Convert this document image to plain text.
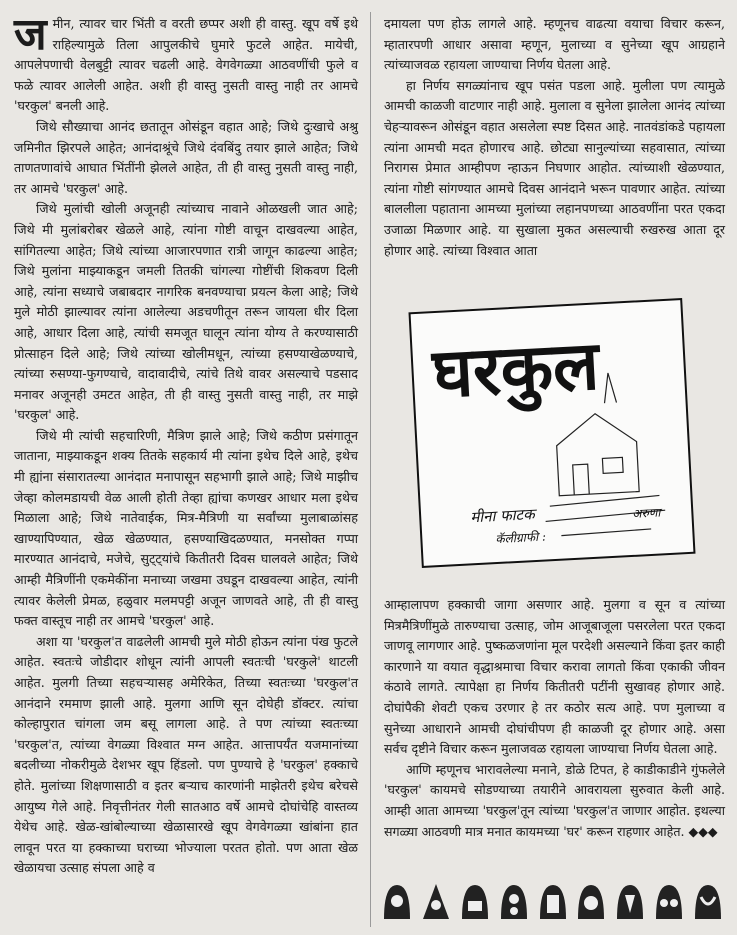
जमीन, त्यावर चार भिंती व वरती छप्पर अशी ही वास्तु. खूप वर्षे इथे राहिल्यामुळे तिला आपुलकीचे घुमारे फुटले आहेत. मायेची, आपलेपणाची वेलबुट्टी त्यावर चढली आहे. वेगवेगळ्या आठवणींची फुले व फळे त्यावर आलेली आहेत. अशी ही वास्तु नुसती वास्तु नाही तर आमचे 'घरकुल' बनली आहे.

जिथे सौख्याचा आनंद छतातून ओसंडून वहात आहे; जिथे दुःखाचे अश्रु जमिनीत झिरपले आहेत; आनंदाश्रूंचे जिथे दंवबिंदु तयार झाले आहेत; जिथे ताणतणावांचे आघात भिंतींनी झेलले आहेत, ती ही वास्तु नुसती वास्तु नाही, तर आमचे 'घरकुल' आहे.

जिथे मुलांची खोली अजूनही त्यांच्याच नावाने ओळखली जात आहे; जिथे मी मुलांबरोबर खेळले आहे, त्यांना गोष्टी वाचून दाखवल्या आहेत, सांगितल्या आहेत; जिथे त्यांच्या आजारपणात रात्री जागून काढल्या आहेत; जिथे मुलांना माझ्याकडून जमली तितकी चांगल्या गोष्टींची शिकवण दिली आहे, त्यांना सध्याचे जबाबदार नागरिक बनवण्याचा प्रयत्न केला आहे; जिथे मुले मोठी झाल्यावर त्यांना आलेल्या अडचणीतून तरून जायला धीर दिला आहे, आधार दिला आहे, त्यांची समजूत घालून त्यांना योग्य ते करण्यासाठी प्रोत्साहन दिले आहे; जिथे त्यांच्या खोलीमधून, त्यांच्या हसण्याखेळण्याचे, त्यांच्या रुसण्या-फुगण्याचे, वादावादीचे, त्यांचे तिथे वावर असल्याचे पडसाद मनावर अजूनही उमटत आहेत, ती ही वास्तु नुसती वास्तु नाही, तर माझे 'घरकुल' आहे.

जिथे मी त्यांची सहचारिणी, मैत्रिण झाले आहे; जिथे कठीण प्रसंगातून जाताना, माझ्याकडून शक्य तितके सहकार्य मी त्यांना इथेच दिले आहे, इथेच मी ह्यांना संसारातल्या आनंदात मनापासून सहभागी झाले आहे; जिथे माझीच जेव्हा कोलमडायची वेळ आली होती तेव्हा ह्यांचा कणखर आधार मला इथेच मिळाला आहे; जिथे नातेवाईक, मित्र-मैत्रिणी या सर्वांच्या मुलाबाळांसह खाण्यापिण्यात, खेळ खेळण्यात, हसण्याखिदळण्यात, मनसोक्त गप्पा मारण्यात आनंदाचे, मजेचे, सुट्ट्यांचे कितीतरी दिवस घालवले आहेत; जिथे आम्ही मैत्रिणींनी एकमेकींना मनाच्या जखमा उघडून दाखवल्या आहेत, त्यांनी त्यावर केलेली प्रेमळ, हळुवार मलमपट्टी अजून जाणवते आहे, ती ही वास्तु फक्त वास्तूच नाही तर आमचे 'घरकुल' आहे.

अशा या 'घरकुल'त वाढलेली आमची मुले मोठी होऊन त्यांना पंख फुटले आहेत. स्वतःचे जोडीदार शोधून त्यांनी आपली स्वतःची 'घरकुले' थाटली आहेत. मुलगी तिच्या सहचऱ्यासह अमेरिकेत, तिच्या स्वतःच्या 'घरकुल'त आनंदाने रममाण झाली आहे. मुलगा आणि सून दोघेही डॉक्टर. त्यांचा कोल्हापुरात चांगला जम बसू लागला आहे. ते पण त्यांच्या स्वतःच्या 'घरकुल'त, त्यांच्या वेगळ्या विश्वात मग्न आहेत. आत्तापर्यंत यजमानांच्या बदलीच्या नोकरीमुळे देशभर खूप हिंडलो. पण पुण्याचे हे 'घरकुल' हक्काचे होते. मुलांच्या शिक्षणासाठी व इतर बऱ्याच कारणांनी माझेतरी इथेच बरेचसे आयुष्य गेले आहे. निवृत्तीनंतर गेली सातआठ वर्षे आमचे दोघांचेहि वास्तव्य येथेच आहे. खेळ-खांबोल्याच्या खेळासारखे खूप वेगवेगळ्या खांबांना हात लावून परत या हक्काच्या घराच्या भोज्याला परतत होतो. पण आता खेळ खेळायचा उत्साह संपला आहे व

दमायला पण होऊ लागले आहे. म्हणूनच वाढत्या वयाचा विचार करून, म्हातारपणी आधार असावा म्हणून, मुलाच्या व सुनेच्या खूप आग्रहाने त्यांच्याजवळ रहायला जाण्याचा निर्णय घेतला आहे.

हा निर्णय सगळ्यांनाच खूप पसंत पडला आहे. मुलीला पण त्यामुळे आमची काळजी वाटणार नाही आहे. मुलाला व सुनेला झालेला आनंद त्यांच्या चेहऱ्यावरून ओसंडून वहात असलेला स्पष्ट दिसत आहे. नातवंडांकडे पहायला त्यांना आमची मदत होणारच आहे. छोट्या सानुल्यांच्या सहवासात, त्यांच्या निरागस प्रेमात आम्हीपण न्हाऊन निघणार आहोत. त्यांच्याशी खेळण्यात, त्यांना गोष्टी सांगण्यात आमचे दिवस आनंदाने भरून पावणार आहेत. त्यांच्या बाललीला पहाताना आमच्या मुलांच्या लहानपणच्या आठवणींना परत एकदा उजाळा मिळणार आहे. या सुखाला मुकत असल्याची रुखरुख आता दूर होणार आहे. त्यांच्या विश्वात आता

घरकुल
मीना फाटक
कॅलीग्राफी :
अरुणा

आम्हालापण हक्काची जागा असणार आहे. मुलगा व सून व त्यांच्या मित्रमैत्रिणींमुळे तारुण्याचा उत्साह, जोम आजूबाजूला पसरलेला परत एकदा जाणवू लागणार आहे. पुष्कळजणांना मूल परदेशी असल्याने किंवा इतर काही कारणाने या वयात वृद्धाश्रमाचा विचार करावा लागतो किंवा एकाकी जीवन कंठावे लागते. त्यापेक्षा हा निर्णय कितीतरी पटींनी सुखावह होणार आहे. दोघांपैकी शेवटी एकच उरणार हे तर कठोर सत्य आहे. पण मुलाच्या व सुनेच्या आधाराने आमची दोघांचीपण ही काळजी दूर होणार आहे. असा सर्वच दृष्टीने विचार करून मुलाजवळ रहायला जाण्याचा निर्णय घेतला आहे.

आणि म्हणूनच भारावलेल्या मनाने, डोळे टिपत, हे काडीकाडीने गुंफलेले 'घरकुल' कायमचे सोडण्याच्या तयारीने आवरायला सुरुवात केली आहे. आम्ही आता आमच्या 'घरकुल'तून त्यांच्या 'घरकुल'त जाणार आहोत. इथल्या सगळ्या आठवणी मात्र मनात कायमच्या 'घर' करून राहणार आहेत. ◆◆◆
